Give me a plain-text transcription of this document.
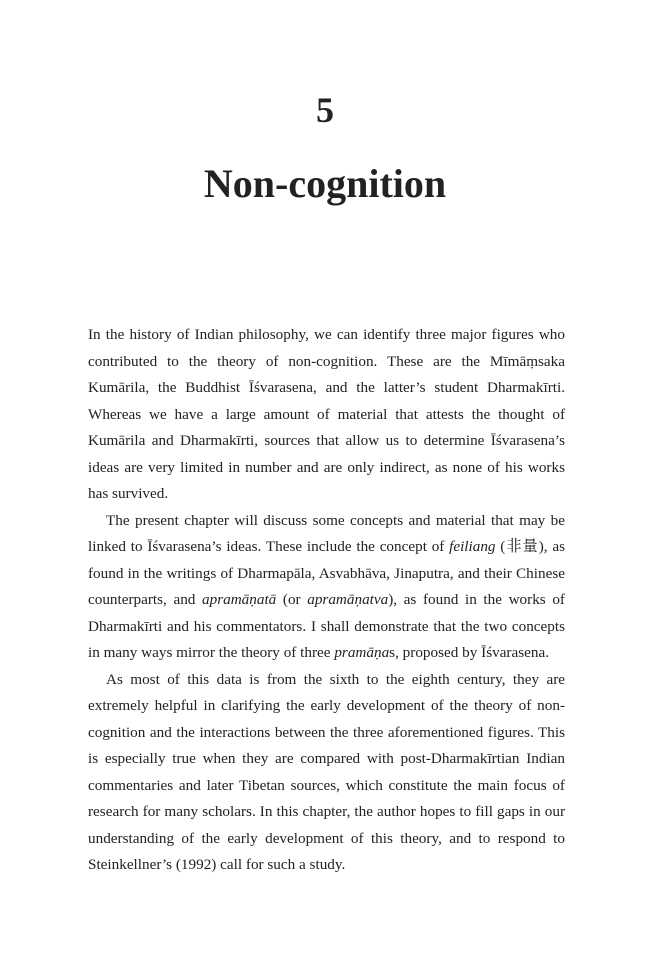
5
Non-cognition

In the history of Indian philosophy, we can identify three major figures who contributed to the theory of non-cognition. These are the Mīmāṃsaka Kumārila, the Buddhist Īśvarasena, and the latter’s student Dharmakīrti. Whereas we have a large amount of material that attests the thought of Kumārila and Dharmakīrti, sources that allow us to determine Īśvarasena’s ideas are very limited in number and are only indirect, as none of his works has survived.

The present chapter will discuss some concepts and material that may be linked to Īśvarasena’s ideas. These include the concept of feiliang (非量), as found in the writings of Dharmapāla, Asvabhāva, Jinaputra, and their Chinese counterparts, and apramāṇatā (or apramāṇatva), as found in the works of Dharmakīrti and his commentators. I shall demonstrate that the two concepts in many ways mirror the theory of three pramāṇas, proposed by Īśvarasena.

As most of this data is from the sixth to the eighth century, they are extremely helpful in clarifying the early development of the theory of non-cognition and the interactions between the three aforementioned figures. This is especially true when they are compared with post-Dharmakīrtian Indian commentaries and later Tibetan sources, which constitute the main focus of research for many scholars. In this chapter, the author hopes to fill gaps in our understanding of the early development of this theory, and to respond to Steinkellner’s (1992) call for such a study.
